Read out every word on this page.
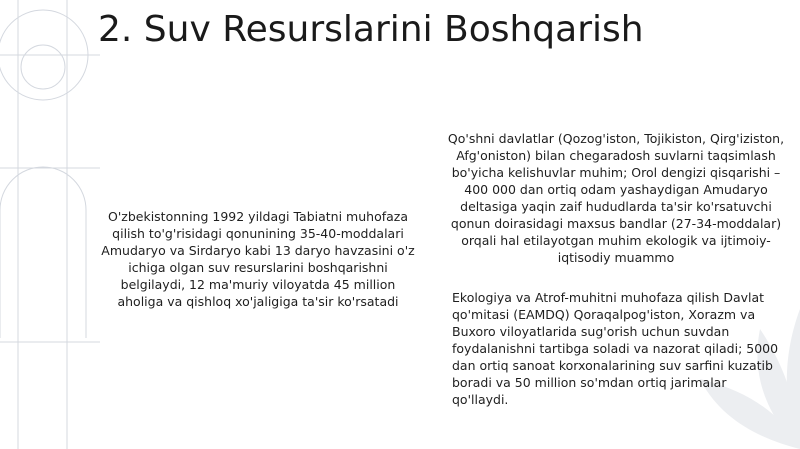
2. Suv Resurslarini Boshqarish
O'zbekistonning 1992 yildagi Tabiatni muhofaza qilish to'g'risidagi qonunining 35-40-moddalari Amudaryo va Sirdaryo kabi 13 daryo havzasini o'z ichiga olgan suv resurslarini boshqarishni belgilaydi, 12 ma'muriy viloyatda 45 million aholiga va qishloq xo'jaligiga ta'sir ko'rsatadi
Qo'shni davlatlar (Qozog'iston, Tojikiston, Qirg'iziston, Afg'oniston) bilan chegaradosh suvlarni taqsimlash bo'yicha kelishuvlar muhim; Orol dengizi qisqarishi – 400 000 dan ortiq odam yashaydigan Amudaryo deltasiga yaqin zaif hududlarda ta'sir ko'rsatuvchi qonun doirasidagi maxsus bandlar (27-34-moddalar) orqali hal etilayotgan muhim ekologik va ijtimoiy-iqtisodiy muammo
Ekologiya va Atrof-muhitni muhofaza qilish Davlat qo'mitasi (EAMDQ) Qoraqalpog'iston, Xorazm va Buxoro viloyatlarida sug'orish uchun suvdan foydalanishni tartibga soladi va nazorat qiladi; 5000 dan ortiq sanoat korxonalarining suv sarfini kuzatib boradi va 50 million so'mdan ortiq jarimalar qo'llaydi.
